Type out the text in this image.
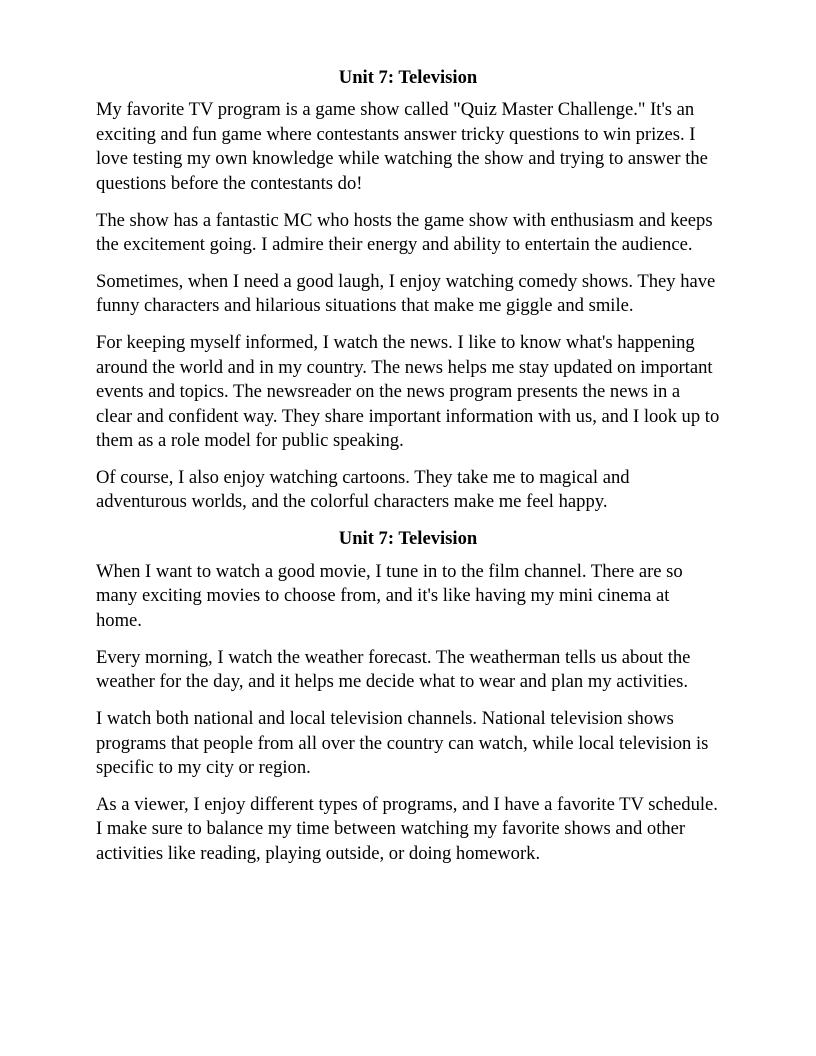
Unit 7: Television

My favorite TV program is a game show called "Quiz Master Challenge." It's an exciting and fun game where contestants answer tricky questions to win prizes. I love testing my own knowledge while watching the show and trying to answer the questions before the contestants do!

The show has a fantastic MC who hosts the game show with enthusiasm and keeps the excitement going. I admire their energy and ability to entertain the audience.

Sometimes, when I need a good laugh, I enjoy watching comedy shows. They have funny characters and hilarious situations that make me giggle and smile.

For keeping myself informed, I watch the news. I like to know what's happening around the world and in my country. The news helps me stay updated on important events and topics. The newsreader on the news program presents the news in a clear and confident way. They share important information with us, and I look up to them as a role model for public speaking.

Of course, I also enjoy watching cartoons. They take me to magical and adventurous worlds, and the colorful characters make me feel happy.

Unit 7: Television

When I want to watch a good movie, I tune in to the film channel. There are so many exciting movies to choose from, and it's like having my mini cinema at home.

Every morning, I watch the weather forecast. The weatherman tells us about the weather for the day, and it helps me decide what to wear and plan my activities.

I watch both national and local television channels. National television shows programs that people from all over the country can watch, while local television is specific to my city or region.

As a viewer, I enjoy different types of programs, and I have a favorite TV schedule. I make sure to balance my time between watching my favorite shows and other activities like reading, playing outside, or doing homework.
